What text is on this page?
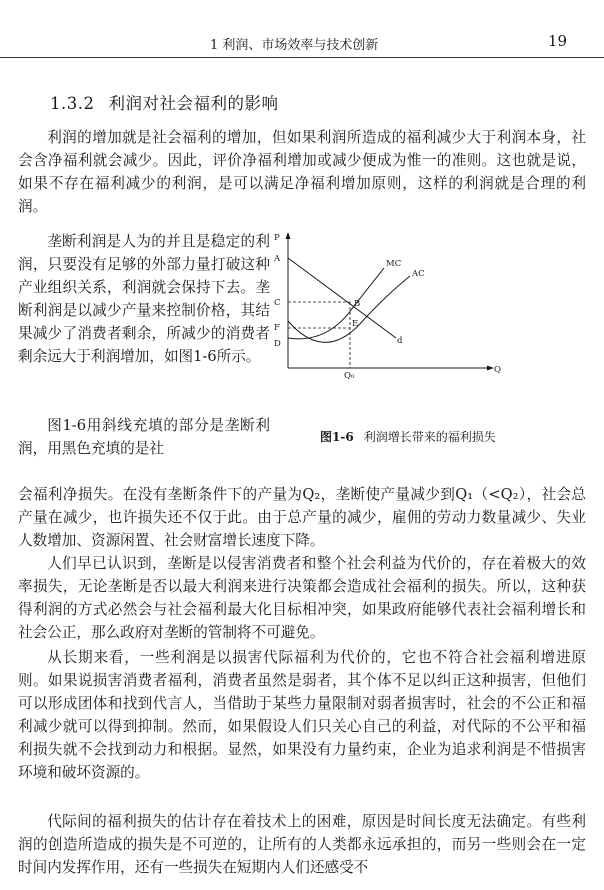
1 利润、市场效率与技术创新	19
1.3.2 利润对社会福利的影响

利润的增加就是社会福利的增加，但如果利润所造成的福利减少大于利润本身，社会含净福利就会减少。因此，评价净福利增加或减少便成为惟一的准则。这也就是说，如果不存在福利减少的利润，是可以满足净福利增加原则，这样的利润就是合理的利润。

垄断利润是人为的并且是稳定的利润，只要没有足够的外部力量打破这种产业组织关系，利润就会保持下去。垄断利润是以减少产量来控制价格，其结果减少了消费者剩余，所减少的消费者剩余远大于利润增加，如图1-6所示。

图1-6用斜线充填的部分是垄断利润，用黑色充填的是社

会福利净损失。在没有垄断条件下的产量为Q₂，垄断使产量减少到Q₁（<Q₂），社会总产量在减少，也许损失还不仅于此。由于总产量的减少，雇佣的劳动力数量减少、失业人数增加、资源闲置、社会财富增长速度下降。

人们早已认识到，垄断是以侵害消费者和整个社会利益为代价的，存在着极大的效率损失，无论垄断是否以最大利润来进行决策都会造成社会福利的损失。所以，这种获得利润的方式必然会与社会福利最大化目标相冲突，如果政府能够代表社会福利增长和社会公正，那么政府对垄断的管制将不可避免。

从长期来看，一些利润是以损害代际福利为代价的，它也不符合社会福利增进原则。如果说损害消费者福利，消费者虽然是弱者，其个体不足以纠正这种损害，但他们可以形成团体和找到代言人，当借助于某些力量限制对弱者损害时，社会的不公正和福利减少就可以得到抑制。然而，如果假设人们只关心自己的利益，对代际的不公平和福利损失就不会找到动力和根据。显然，如果没有力量约束，企业为追求利润是不惜损害环境和破坏资源的。

代际间的福利损失的估计存在着技术上的困难，原因是时间长度无法确定。有些利润的创造所造成的损失是不可逆的，让所有的人类都永远承担的，而另一些则会在一定时间内发挥作用，还有一些损失在短期内人们还感受不

P
A
C
F
D
B
E
Q₀
Q
MC
AC
d
图1-6 利润增长带来的福利损失
